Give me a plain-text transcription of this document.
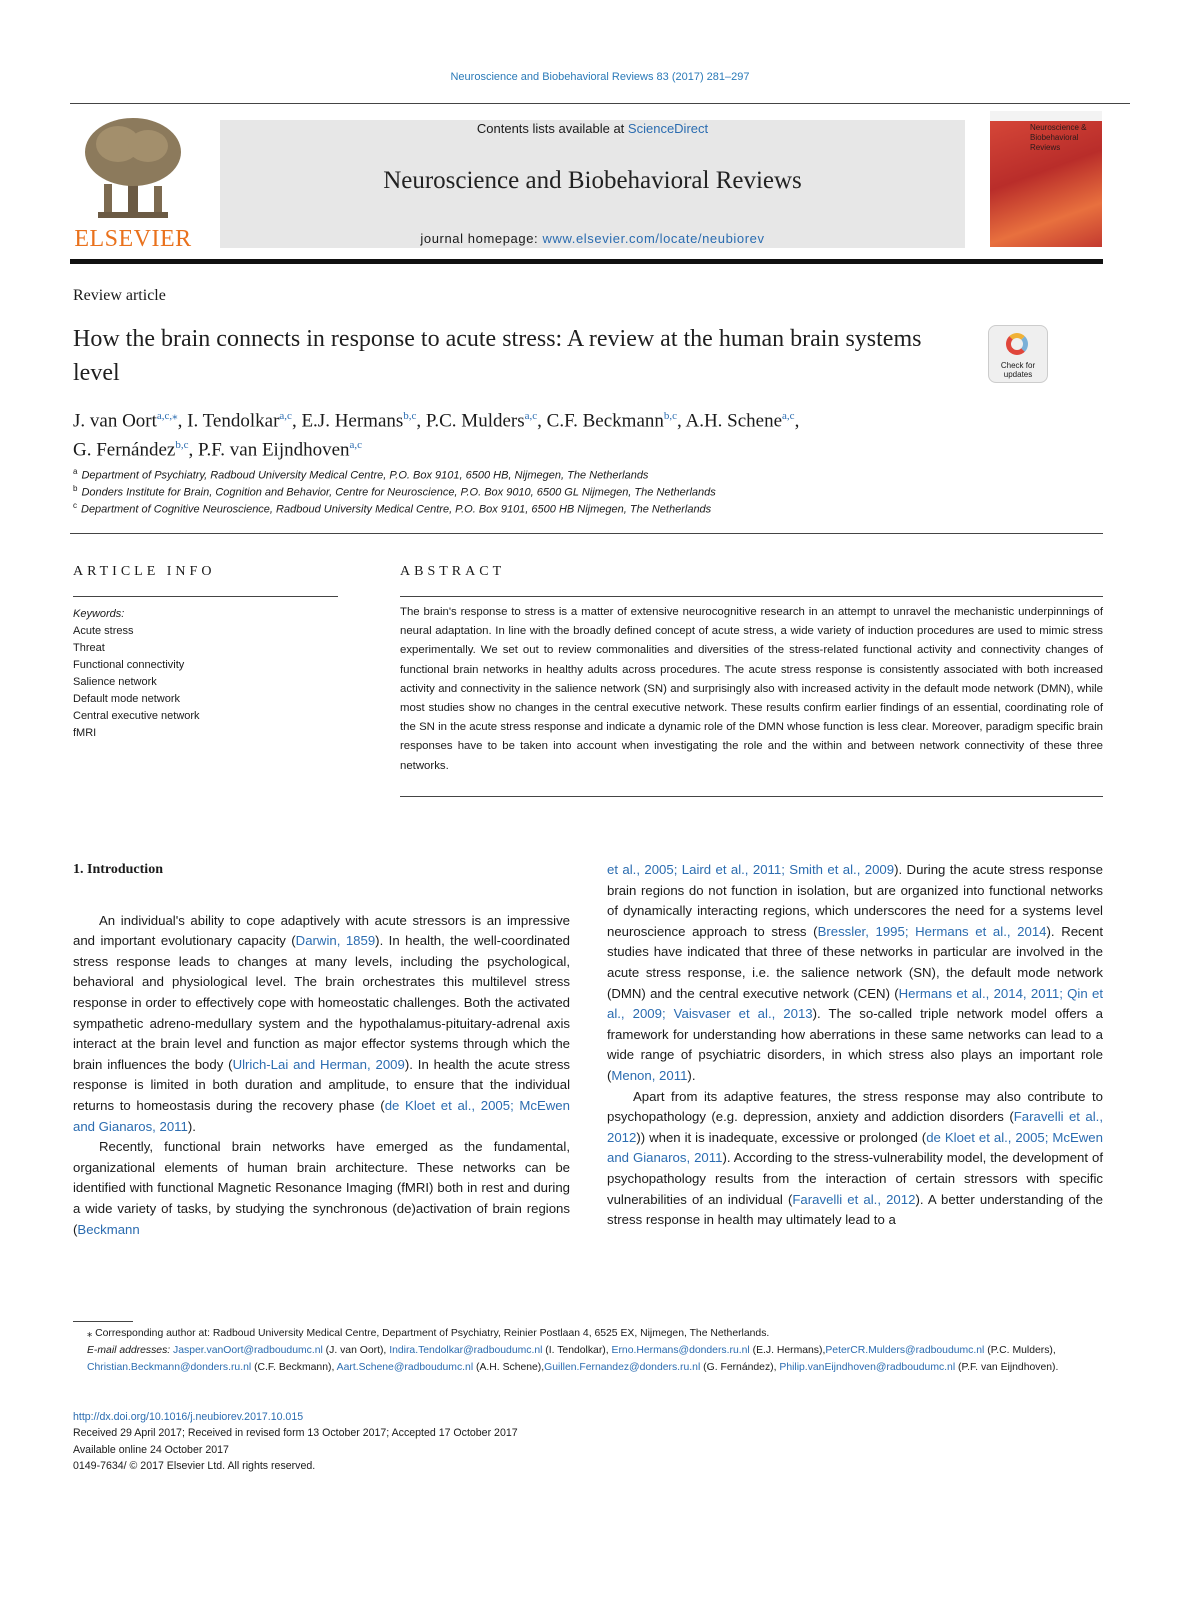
Neuroscience and Biobehavioral Reviews 83 (2017) 281–297
ELSEVIER
Contents lists available at ScienceDirect
Neuroscience and Biobehavioral Reviews
journal homepage: www.elsevier.com/locate/neubiorev
Neuroscience & Biobehavioral Reviews
Review article
How the brain connects in response to acute stress: A review at the human brain systems level	Check for updates
J. van Oort$^{a,c,⁎}$, I. Tendolkar$^{a,c}$, E.J. Hermans$^{b,c}$, P.C. Mulders$^{a,c}$, C.F. Beckmann$^{b,c}$, A.H. Schene$^{a,c}$,
G. Fernández$^{b,c}$, P.F. van Eijndhoven$^{a,c}$
$^a$ Department of Psychiatry, Radboud University Medical Centre, P.O. Box 9101, 6500 HB, Nijmegen, The Netherlands
$^b$ Donders Institute for Brain, Cognition and Behavior, Centre for Neuroscience, P.O. Box 9010, 6500 GL Nijmegen, The Netherlands
$^c$ Department of Cognitive Neuroscience, Radboud University Medical Centre, P.O. Box 9101, 6500 HB Nijmegen, The Netherlands
ARTICLE INFO	ABSTRACT
Keywords:
Acute stress
Threat
Functional connectivity
Salience network
Default mode network
Central executive network
fMRI
The brain's response to stress is a matter of extensive neurocognitive research in an attempt to unravel the mechanistic underpinnings of neural adaptation. In line with the broadly defined concept of acute stress, a wide variety of induction procedures are used to mimic stress experimentally. We set out to review commonalities and diversities of the stress-related functional activity and connectivity changes of functional brain networks in healthy adults across procedures. The acute stress response is consistently associated with both increased activity and connectivity in the salience network (SN) and surprisingly also with increased activity in the default mode network (DMN), while most studies show no changes in the central executive network. These results confirm earlier findings of an essential, coordinating role of the SN in the acute stress response and indicate a dynamic role of the DMN whose function is less clear. Moreover, paradigm specific brain responses have to be taken into account when investigating the role and the within and between network connectivity of these three networks.

1. Introduction

An individual's ability to cope adaptively with acute stressors is an impressive and important evolutionary capacity (Darwin, 1859). In health, the well-coordinated stress response leads to changes at many levels, including the psychological, behavioral and physiological level. The brain orchestrates this multilevel stress response in order to effectively cope with homeostatic challenges. Both the activated sympathetic adreno-medullary system and the hypothalamus-pituitary-adrenal axis interact at the brain level and function as major effector systems through which the brain influences the body (Ulrich-Lai and Herman, 2009). In health the acute stress response is limited in both duration and amplitude, to ensure that the individual returns to homeostasis during the recovery phase (de Kloet et al., 2005; McEwen and Gianaros, 2011).

Recently, functional brain networks have emerged as the fundamental, organizational elements of human brain architecture. These networks can be identified with functional Magnetic Resonance Imaging (fMRI) both in rest and during a wide variety of tasks, by studying the synchronous (de)activation of brain regions (Beckmann

et al., 2005; Laird et al., 2011; Smith et al., 2009). During the acute stress response brain regions do not function in isolation, but are organized into functional networks of dynamically interacting regions, which underscores the need for a systems level neuroscience approach to stress (Bressler, 1995; Hermans et al., 2014). Recent studies have indicated that three of these networks in particular are involved in the acute stress response, i.e. the salience network (SN), the default mode network (DMN) and the central executive network (CEN) (Hermans et al., 2014, 2011; Qin et al., 2009; Vaisvaser et al., 2013). The so-called triple network model offers a framework for understanding how aberrations in these same networks can lead to a wide range of psychiatric disorders, in which stress also plays an important role (Menon, 2011).

Apart from its adaptive features, the stress response may also contribute to psychopathology (e.g. depression, anxiety and addiction disorders (Faravelli et al., 2012)) when it is inadequate, excessive or prolonged (de Kloet et al., 2005; McEwen and Gianaros, 2011). According to the stress-vulnerability model, the development of psychopathology results from the interaction of certain stressors with specific vulnerabilities of an individual (Faravelli et al., 2012). A better understanding of the stress response in health may ultimately lead to a

⁎ Corresponding author at: Radboud University Medical Centre, Department of Psychiatry, Reinier Postlaan 4, 6525 EX, Nijmegen, The Netherlands.
E-mail addresses: Jasper.vanOort@radboudumc.nl (J. van Oort), Indira.Tendolkar@radboudumc.nl (I. Tendolkar), Erno.Hermans@donders.ru.nl (E.J. Hermans),PeterCR.Mulders@radboudumc.nl (P.C. Mulders), Christian.Beckmann@donders.ru.nl (C.F. Beckmann), Aart.Schene@radboudumc.nl (A.H. Schene),Guillen.Fernandez@donders.ru.nl (G. Fernández), Philip.vanEijndhoven@radboudumc.nl (P.F. van Eijndhoven).
http://dx.doi.org/10.1016/j.neubiorev.2017.10.015
Received 29 April 2017; Received in revised form 13 October 2017; Accepted 17 October 2017
Available online 24 October 2017
0149-7634/ © 2017 Elsevier Ltd. All rights reserved.
